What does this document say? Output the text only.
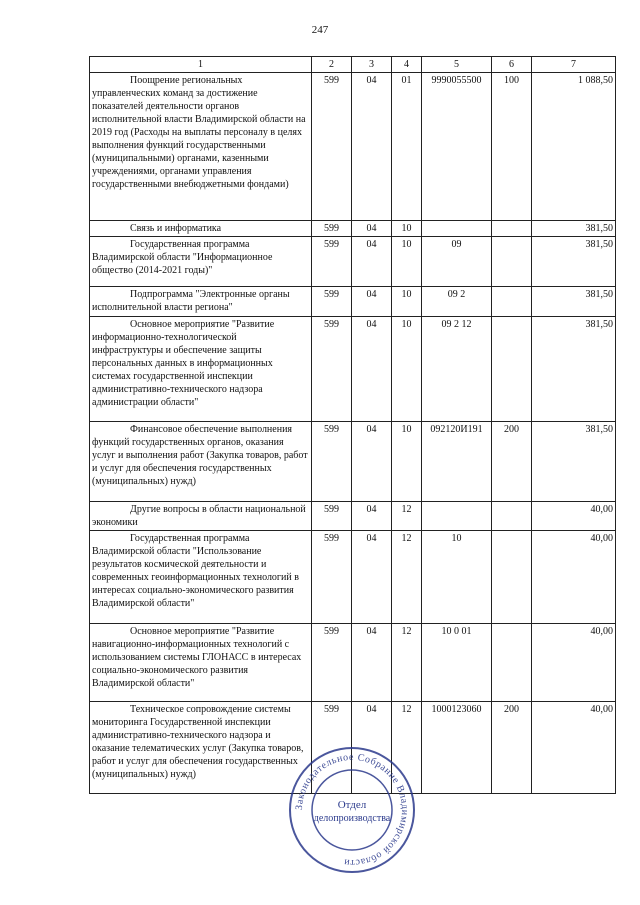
247
1	2	3	4	5	6	7
Поощрение региональных управленческих команд за достижение показателей деятельности органов исполнительной власти Владимирской области на 2019 год (Расходы на выплаты персоналу в целях выполнения функций государственными (муниципальными) органами, казенными учреждениями, органами управления государственными внебюджетными фондами)	599	04	01	9990055500	100	1 088,50
Связь и информатика	599	04	10			381,50
Государственная программа Владимирской области "Информационное общество (2014-2021 годы)"	599	04	10	09		381,50
Подпрограмма "Электронные органы исполнительной власти региона"	599	04	10	09 2		381,50
Основное мероприятие "Развитие информационно-технологической инфраструктуры и обеспечение защиты персональных данных в информационных системах государственной инспекции административно-технического надзора администрации области"	599	04	10	09 2 12		381,50
Финансовое обеспечение выполнения функций государственных органов, оказания услуг и выполнения работ (Закупка товаров, работ и услуг для обеспечения государственных (муниципальных) нужд)	599	04	10	092120И191	200	381,50
Другие вопросы в области национальной экономики	599	04	12			40,00
Государственная программа Владимирской области "Использование результатов космической деятельности и современных геоинформационных технологий в интересах социально-экономического развития Владимирской области"	599	04	12	10		40,00
Основное мероприятие "Развитие навигационно-информационных технологий с использованием системы ГЛОНАСС в интересах социально-экономического развития Владимирской области"	599	04	12	10 0 01		40,00
Техническое сопровождение системы мониторинга Государственной инспекции административно-технического надзора и оказание телематических услуг (Закупка товаров, работ и услуг для обеспечения государственных (муниципальных) нужд)	599	04	12	1000123060	200	40,00
Законодательное Собрание Владимирской области
Отдел
делопроизводства
